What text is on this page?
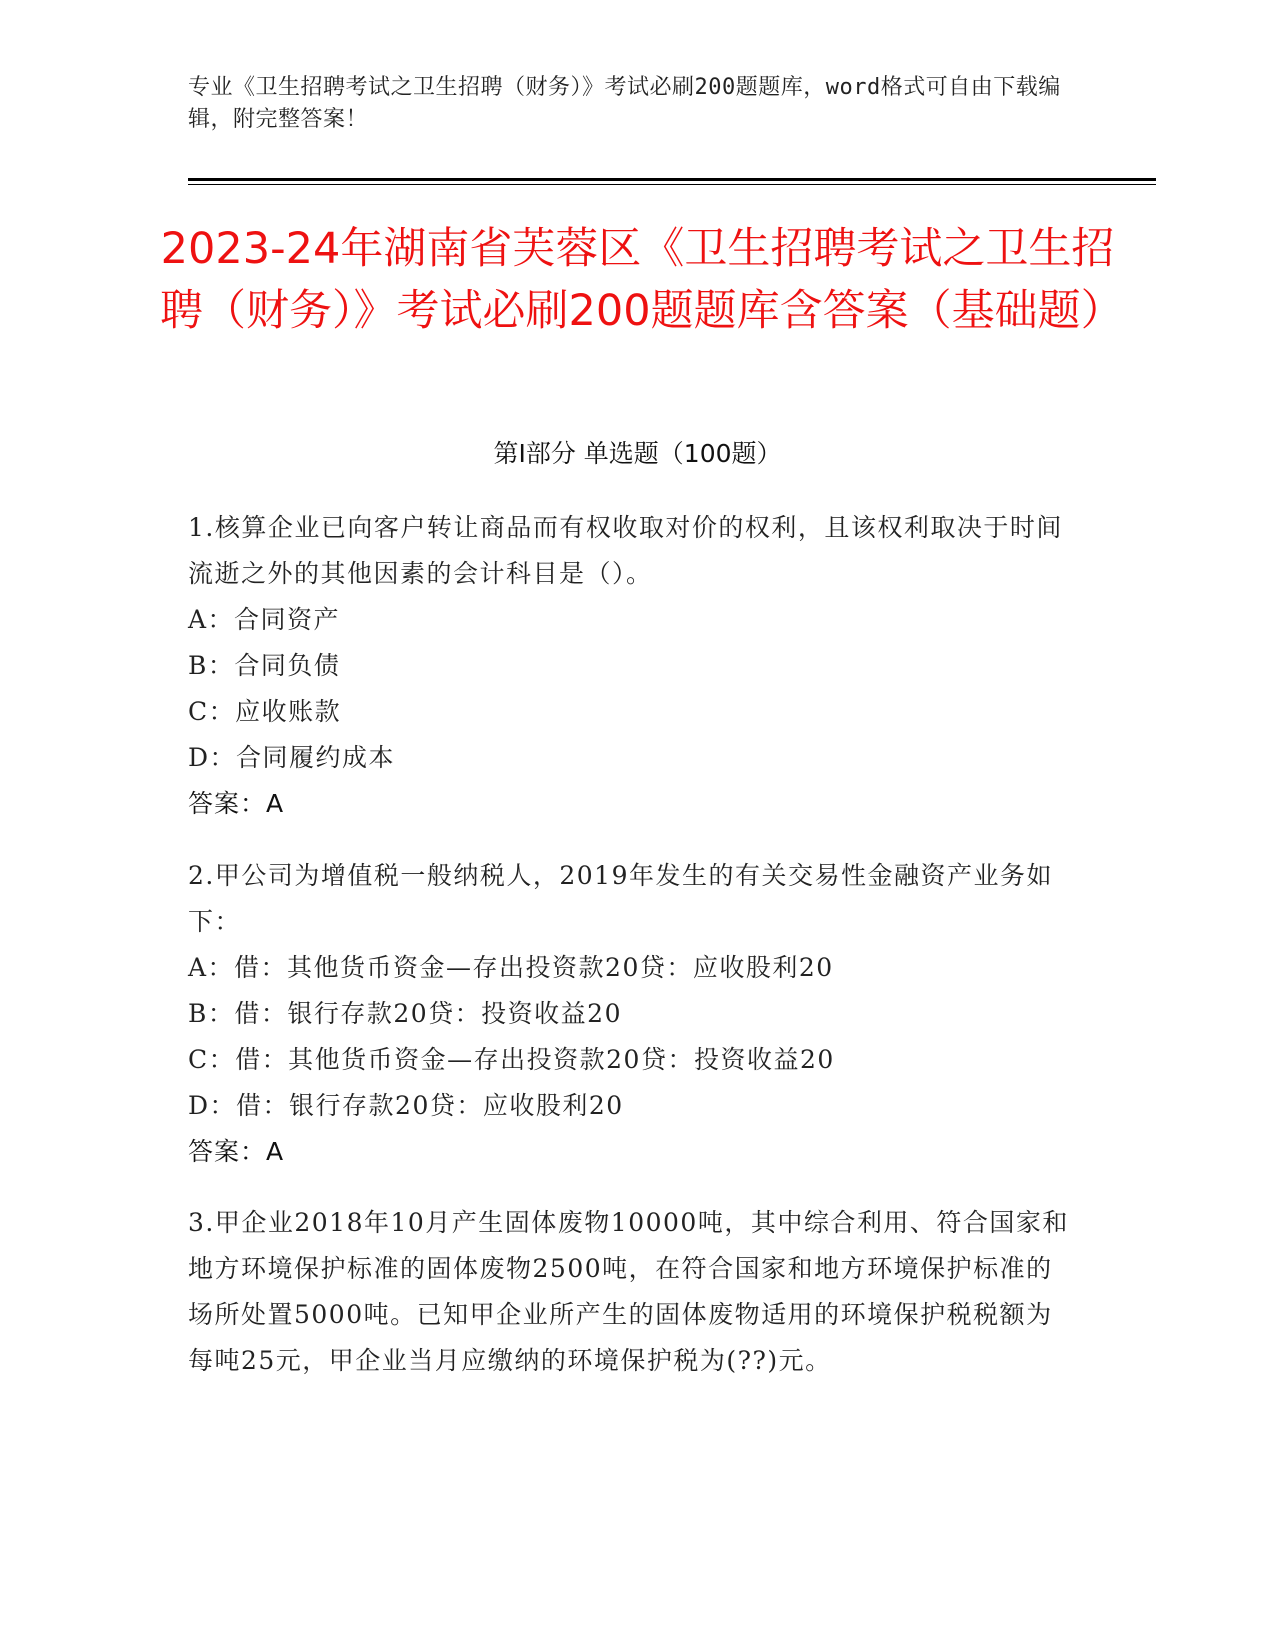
专业《卫生招聘考试之卫生招聘（财务）》考试必刷200题题库，word格式可自由下载编辑，附完整答案！
2023-24年湖南省芙蓉区《卫生招聘考试之卫生招聘（财务）》考试必刷200题题库含答案（基础题）
第Ⅰ部分 单选题（100题）
1.核算企业已向客户转让商品而有权收取对价的权利，且该权利取决于时间流逝之外的其他因素的会计科目是（）。
A：合同资产
B：合同负债
C：应收账款
D：合同履约成本
答案：A
2.甲公司为增值税一般纳税人，2019年发生的有关交易性金融资产业务如下：
A：借：其他货币资金—存出投资款20贷：应收股利20
B：借：银行存款20贷：投资收益20
C：借：其他货币资金—存出投资款20贷：投资收益20
D：借：银行存款20贷：应收股利20
答案：A
3.甲企业2018年10月产生固体废物10000吨，其中综合利用、符合国家和地方环境保护标准的固体废物2500吨，在符合国家和地方环境保护标准的场所处置5000吨。已知甲企业所产生的固体废物适用的环境保护税税额为每吨25元，甲企业当月应缴纳的环境保护税为(??)元。
